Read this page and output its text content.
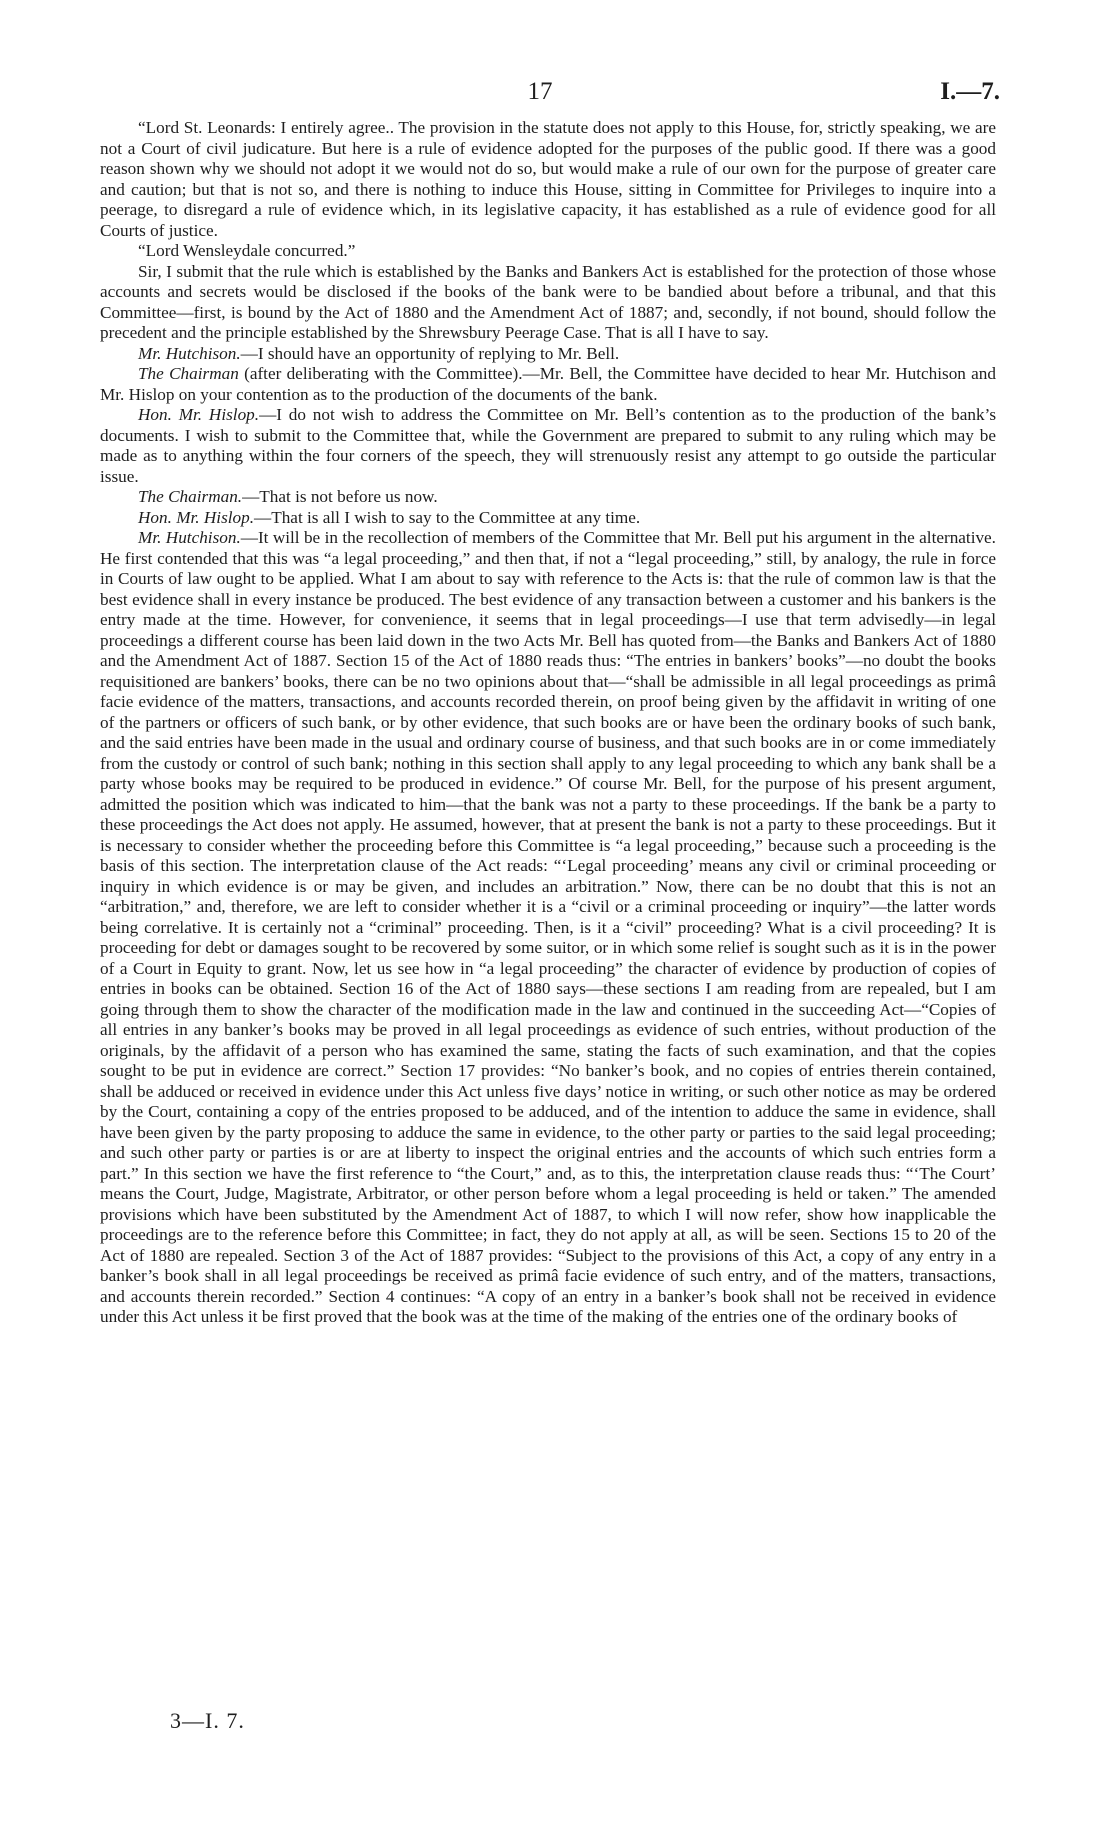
17	I.—7.

“Lord St. Leonards: I entirely agree.. The provision in the statute does not apply to this House, for, strictly speaking, we are not a Court of civil judicature. But here is a rule of evidence adopted for the purposes of the public good. If there was a good reason shown why we should not adopt it we would not do so, but would make a rule of our own for the purpose of greater care and caution; but that is not so, and there is nothing to induce this House, sitting in Committee for Privileges to inquire into a peerage, to disregard a rule of evidence which, in its legislative capacity, it has established as a rule of evidence good for all Courts of justice.

“Lord Wensleydale concurred.”

Sir, I submit that the rule which is established by the Banks and Bankers Act is established for the protection of those whose accounts and secrets would be disclosed if the books of the bank were to be bandied about before a tribunal, and that this Committee—first, is bound by the Act of 1880 and the Amendment Act of 1887; and, secondly, if not bound, should follow the precedent and the principle established by the Shrewsbury Peerage Case. That is all I have to say.

Mr. Hutchison.—I should have an opportunity of replying to Mr. Bell.

The Chairman (after deliberating with the Committee).—Mr. Bell, the Committee have decided to hear Mr. Hutchison and Mr. Hislop on your contention as to the production of the documents of the bank.

Hon. Mr. Hislop.—I do not wish to address the Committee on Mr. Bell’s contention as to the production of the bank’s documents. I wish to submit to the Committee that, while the Government are prepared to submit to any ruling which may be made as to anything within the four corners of the speech, they will strenuously resist any attempt to go outside the particular issue.

The Chairman.—That is not before us now.

Hon. Mr. Hislop.—That is all I wish to say to the Committee at any time.

Mr. Hutchison.—It will be in the recollection of members of the Committee that Mr. Bell put his argument in the alternative. He first contended that this was “a legal proceeding,” and then that, if not a “legal proceeding,” still, by analogy, the rule in force in Courts of law ought to be applied. What I am about to say with reference to the Acts is: that the rule of common law is that the best evidence shall in every instance be produced. The best evidence of any transaction between a customer and his bankers is the entry made at the time. However, for convenience, it seems that in legal proceedings—I use that term advisedly—in legal proceedings a different course has been laid down in the two Acts Mr. Bell has quoted from—the Banks and Bankers Act of 1880 and the Amendment Act of 1887. Section 15 of the Act of 1880 reads thus: “The entries in bankers’ books”—no doubt the books requisitioned are bankers’ books, there can be no two opinions about that—“shall be admissible in all legal proceedings as primâ facie evidence of the matters, transactions, and accounts recorded therein, on proof being given by the affidavit in writing of one of the partners or officers of such bank, or by other evidence, that such books are or have been the ordinary books of such bank, and the said entries have been made in the usual and ordinary course of business, and that such books are in or come immediately from the custody or control of such bank; nothing in this section shall apply to any legal proceeding to which any bank shall be a party whose books may be required to be produced in evidence.” Of course Mr. Bell, for the purpose of his present argument, admitted the position which was indicated to him—that the bank was not a party to these proceedings. If the bank be a party to these proceedings the Act does not apply. He assumed, however, that at present the bank is not a party to these proceedings. But it is necessary to consider whether the proceeding before this Committee is “a legal proceeding,” because such a proceeding is the basis of this section. The interpretation clause of the Act reads: “‘Legal proceeding’ means any civil or criminal proceeding or inquiry in which evidence is or may be given, and includes an arbitration.” Now, there can be no doubt that this is not an “arbitration,” and, therefore, we are left to consider whether it is a “civil or a criminal proceeding or inquiry”—the latter words being correlative. It is certainly not a “criminal” proceeding. Then, is it a “civil” proceeding? What is a civil proceeding? It is proceeding for debt or damages sought to be recovered by some suitor, or in which some relief is sought such as it is in the power of a Court in Equity to grant. Now, let us see how in “a legal proceeding” the character of evidence by production of copies of entries in books can be obtained. Section 16 of the Act of 1880 says—these sections I am reading from are repealed, but I am going through them to show the character of the modification made in the law and continued in the succeeding Act—“Copies of all entries in any banker’s books may be proved in all legal proceedings as evidence of such entries, without production of the originals, by the affidavit of a person who has examined the same, stating the facts of such examination, and that the copies sought to be put in evidence are correct.” Section 17 provides: “No banker’s book, and no copies of entries therein contained, shall be adduced or received in evidence under this Act unless five days’ notice in writing, or such other notice as may be ordered by the Court, containing a copy of the entries proposed to be adduced, and of the intention to adduce the same in evidence, shall have been given by the party proposing to adduce the same in evidence, to the other party or parties to the said legal proceeding; and such other party or parties is or are at liberty to inspect the original entries and the accounts of which such entries form a part.” In this section we have the first reference to “the Court,” and, as to this, the interpretation clause reads thus: “‘The Court’ means the Court, Judge, Magistrate, Arbitrator, or other person before whom a legal proceeding is held or taken.” The amended provisions which have been substituted by the Amendment Act of 1887, to which I will now refer, show how inapplicable the proceedings are to the reference before this Committee; in fact, they do not apply at all, as will be seen. Sections 15 to 20 of the Act of 1880 are repealed. Section 3 of the Act of 1887 provides: “Subject to the provisions of this Act, a copy of any entry in a banker’s book shall in all legal proceedings be received as primâ facie evidence of such entry, and of the matters, transactions, and accounts therein recorded.” Section 4 continues: “A copy of an entry in a banker’s book shall not be received in evidence under this Act unless it be first proved that the book was at the time of the making of the entries one of the ordinary books of

3—I. 7.
